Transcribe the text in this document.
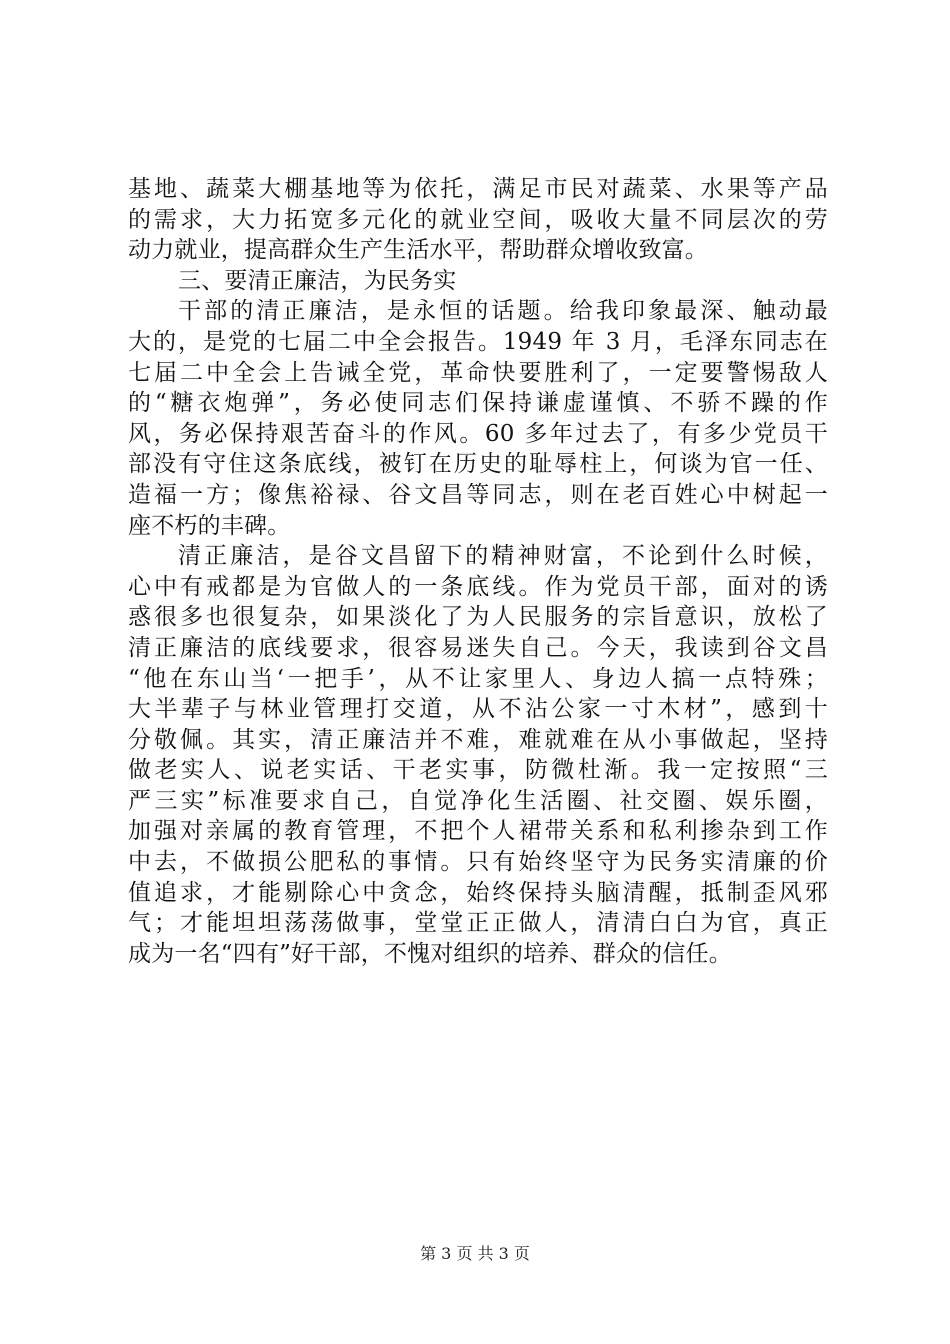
基地、蔬菜大棚基地等为依托，满足市民对蔬菜、水果等产品
的需求，大力拓宽多元化的就业空间，吸收大量不同层次的劳
动力就业，提高群众生产生活水平，帮助群众增收致富。
三、要清正廉洁，为民务实
干部的清正廉洁，是永恒的话题。给我印象最深、触动最
大的，是党的七届二中全会报告。1949 年 3 月，毛泽东同志在
七届二中全会上告诫全党，革命快要胜利了，一定要警惕敌人
的“糖衣炮弹”，务必使同志们保持谦虚谨慎、不骄不躁的作
风，务必保持艰苦奋斗的作风。60 多年过去了，有多少党员干
部没有守住这条底线，被钉在历史的耻辱柱上，何谈为官一任、
造福一方；像焦裕禄、谷文昌等同志，则在老百姓心中树起一
座不朽的丰碑。
清正廉洁，是谷文昌留下的精神财富，不论到什么时候，
心中有戒都是为官做人的一条底线。作为党员干部，面对的诱
惑很多也很复杂，如果淡化了为人民服务的宗旨意识，放松了
清正廉洁的底线要求，很容易迷失自己。今天，我读到谷文昌
“他在东山当‘一把手’，从不让家里人、身边人搞一点特殊；
大半辈子与林业管理打交道，从不沾公家一寸木材”，感到十
分敬佩。其实，清正廉洁并不难，难就难在从小事做起，坚持
做老实人、说老实话、干老实事，防微杜渐。我一定按照“三
严三实”标准要求自己，自觉净化生活圈、社交圈、娱乐圈，
加强对亲属的教育管理，不把个人裙带关系和私利掺杂到工作
中去，不做损公肥私的事情。只有始终坚守为民务实清廉的价
值追求，才能剔除心中贪念，始终保持头脑清醒，抵制歪风邪
气；才能坦坦荡荡做事，堂堂正正做人，清清白白为官，真正
成为一名“四有”好干部，不愧对组织的培养、群众的信任。
第 3 页 共 3 页
